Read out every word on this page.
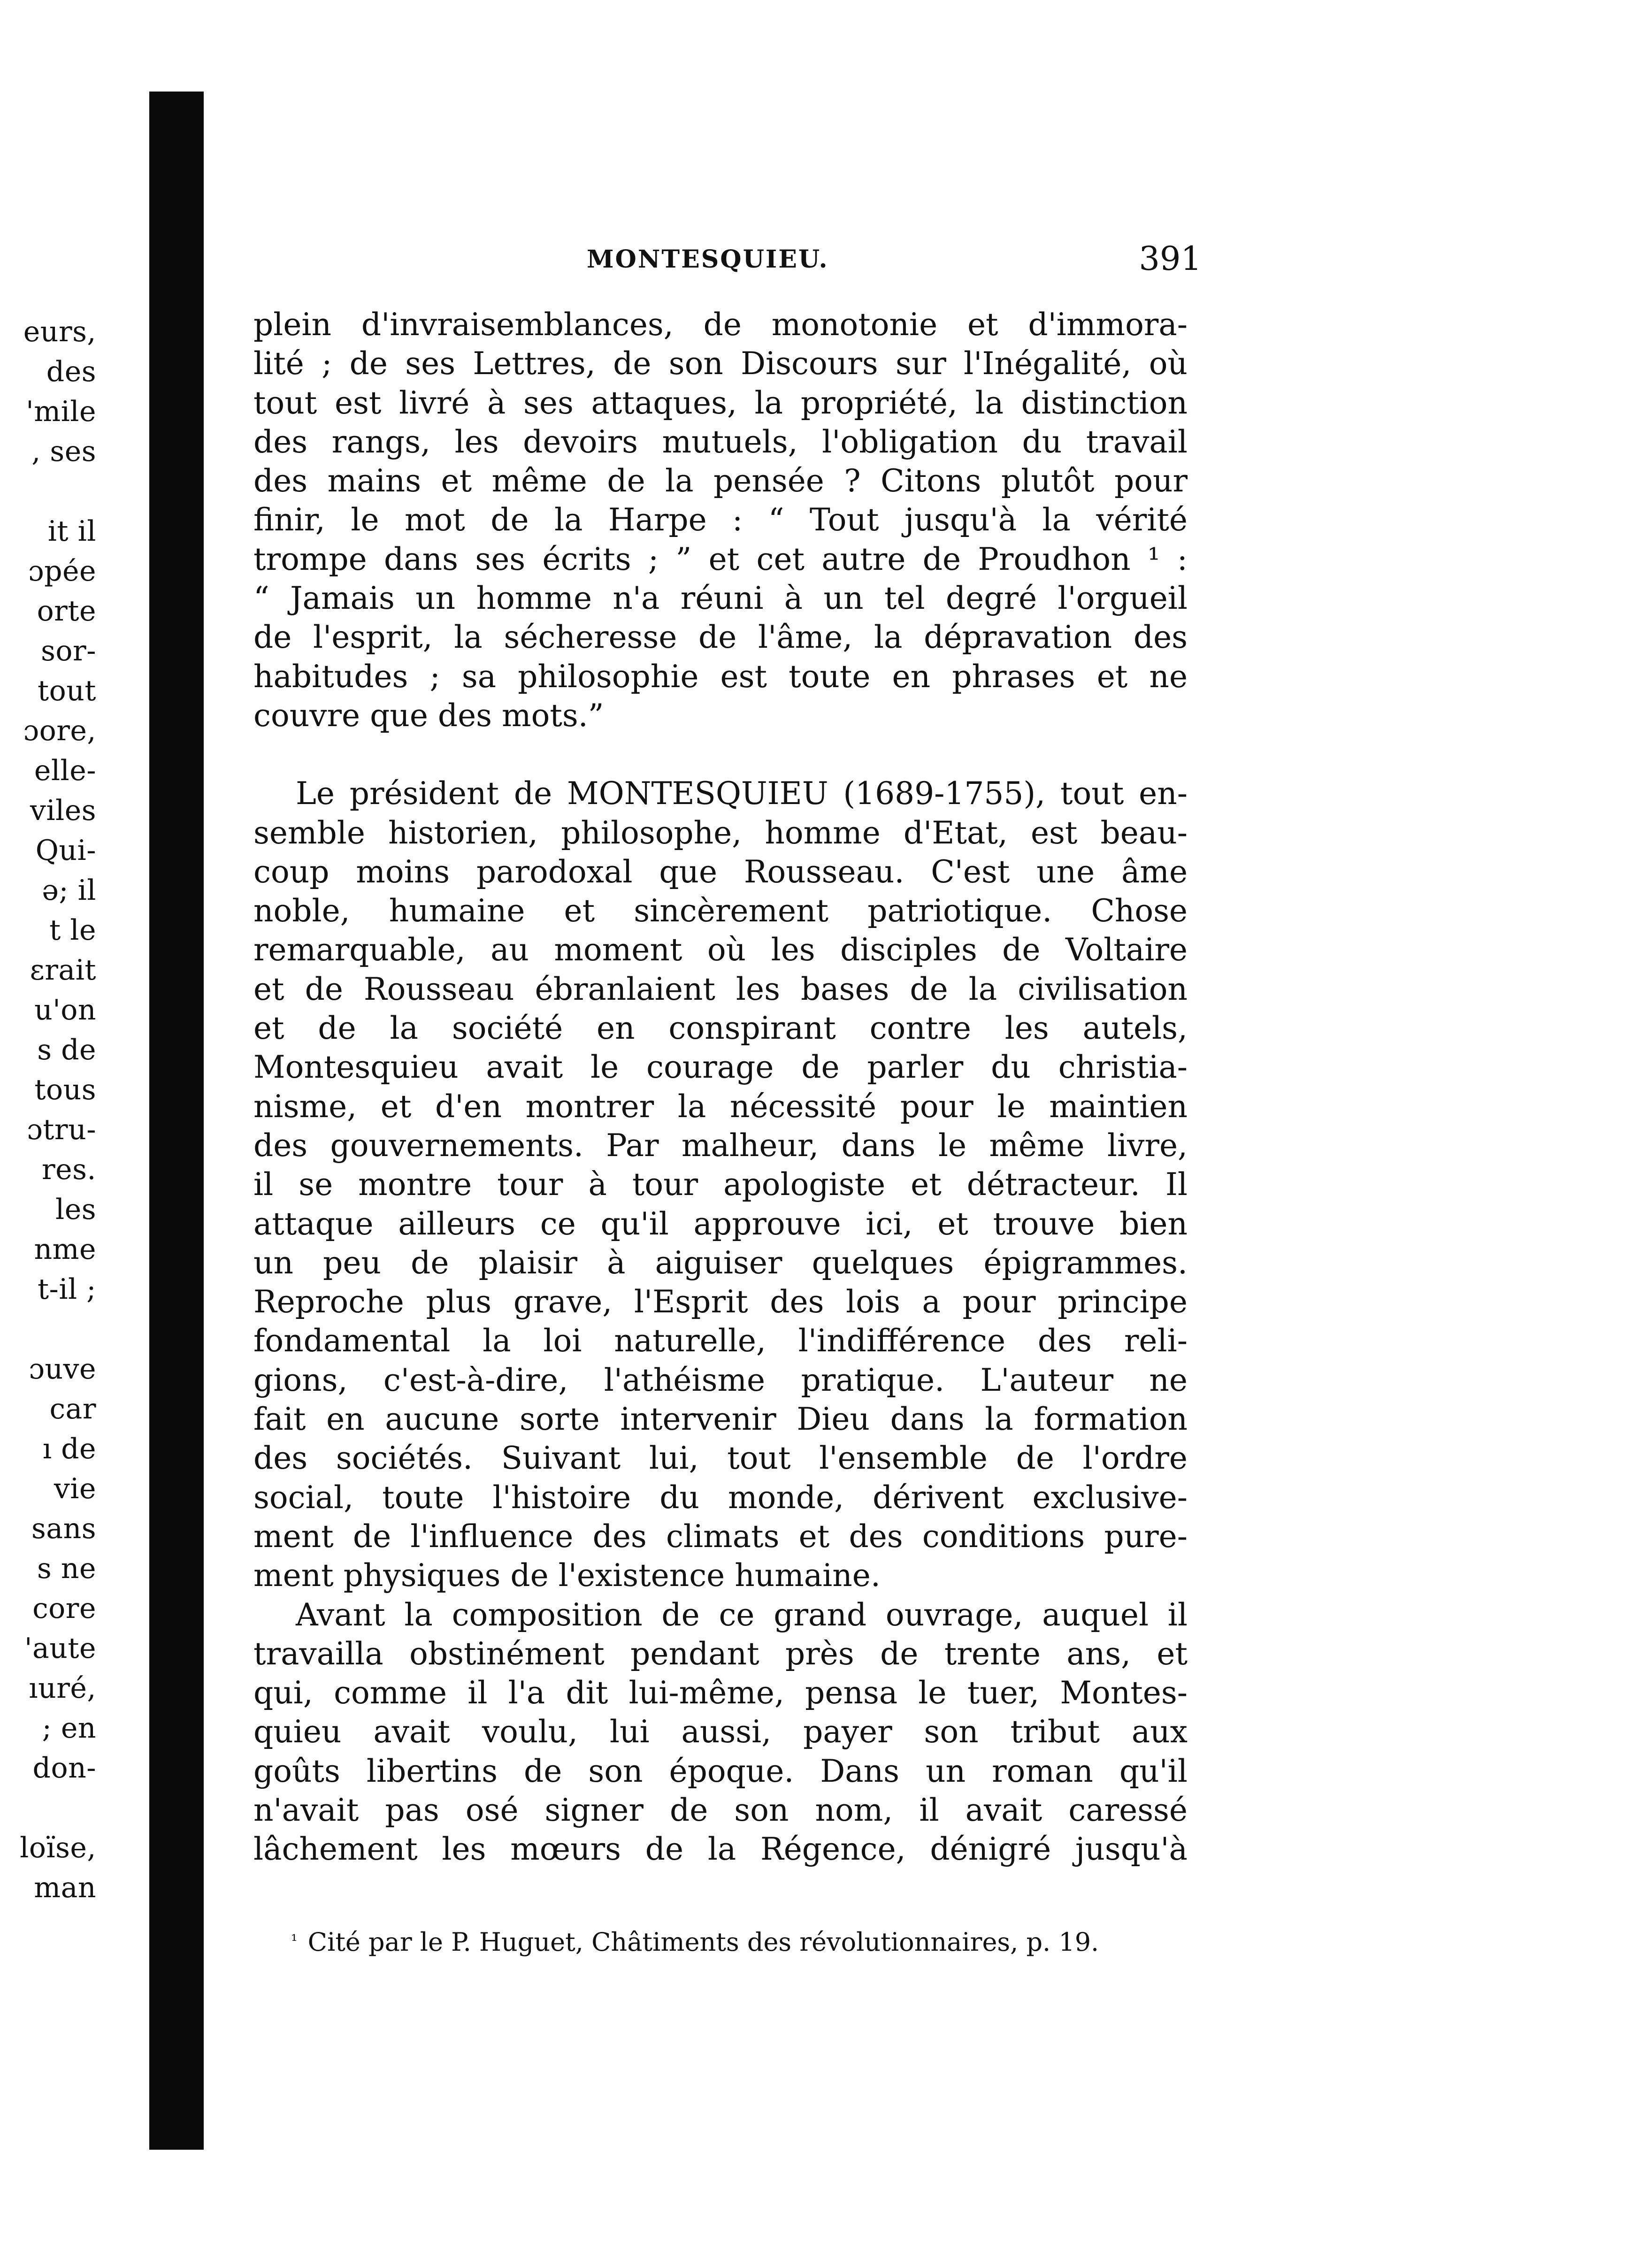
eurs,
des
'mile
, ses
it il
ɔpée
orte
sor-
tout
ɔore,
elle-
viles
Qui-
ǝ; il
t le
ɛrait
u'on
s de
tous
ɔtru-
res.
les
nme
t-il ;
ɔuve
car
ı de
vie
sans
s ne
core
'aute
ıuré,
; en
don-
loïse,
man
MONTESQUIEU.	391
plein d'invraisemblances, de monotonie et d'immora-
lité ; de ses Lettres, de son Discours sur l'Inégalité, où
tout est livré à ses attaques, la propriété, la distinction
des rangs, les devoirs mutuels, l'obligation du travail
des mains et même de la pensée ? Citons plutôt pour
finir, le mot de la Harpe : “ Tout jusqu'à la vérité
trompe dans ses écrits ; ” et cet autre de Proudhon ¹ :
“ Jamais un homme n'a réuni à un tel degré l'orgueil
de l'esprit, la sécheresse de l'âme, la dépravation des
habitudes ; sa philosophie est toute en phrases et ne
couvre que des mots.”
Le président de MONTESQUIEU (1689-1755), tout en-
semble historien, philosophe, homme d'Etat, est beau-
coup moins parodoxal que Rousseau. C'est une âme
noble, humaine et sincèrement patriotique. Chose
remarquable, au moment où les disciples de Voltaire
et de Rousseau ébranlaient les bases de la civilisation
et de la société en conspirant contre les autels,
Montesquieu avait le courage de parler du christia-
nisme, et d'en montrer la nécessité pour le maintien
des gouvernements. Par malheur, dans le même livre,
il se montre tour à tour apologiste et détracteur. Il
attaque ailleurs ce qu'il approuve ici, et trouve bien
un peu de plaisir à aiguiser quelques épigrammes.
Reproche plus grave, l'Esprit des lois a pour principe
fondamental la loi naturelle, l'indifférence des reli-
gions, c'est-à-dire, l'athéisme pratique. L'auteur ne
fait en aucune sorte intervenir Dieu dans la formation
des sociétés. Suivant lui, tout l'ensemble de l'ordre
social, toute l'histoire du monde, dérivent exclusive-
ment de l'influence des climats et des conditions pure-
ment physiques de l'existence humaine.
Avant la composition de ce grand ouvrage, auquel il
travailla obstinément pendant près de trente ans, et
qui, comme il l'a dit lui-même, pensa le tuer, Montes-
quieu avait voulu, lui aussi, payer son tribut aux
goûts libertins de son époque. Dans un roman qu'il
n'avait pas osé signer de son nom, il avait caressé
lâchement les mœurs de la Régence, dénigré jusqu'à
¹ Cité par le P. Huguet, Châtiments des révolutionnaires, p. 19.
